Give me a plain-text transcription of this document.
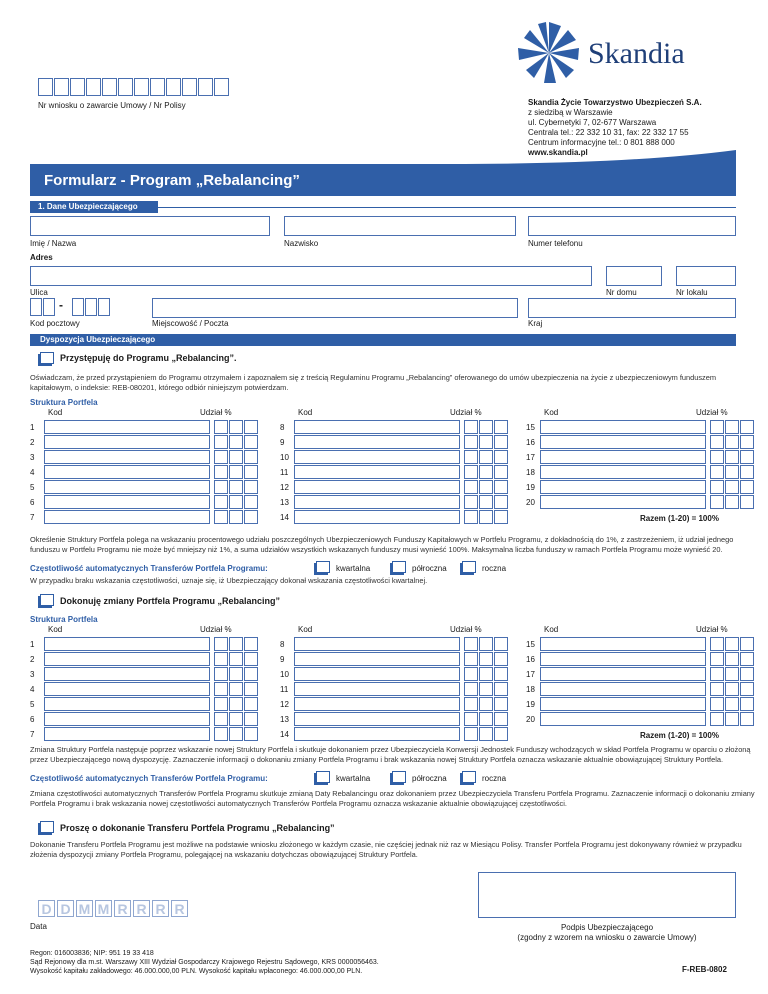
Skandia
Nr wniosku o zawarcie Umowy / Nr Polisy	Skandia Życie Towarzystwo Ubezpieczeń S.A.
z siedzibą w Warszawie
ul. Cybernetyki 7, 02-677 Warszawa
Centrala tel.: 22 332 10 31, fax: 22 332 17 55
Centrum informacyjne tel.: 0 801 888 000
www.skandia.pl
Formularz - Program „Rebalancing”
1. Dane Ubezpieczającego
Imię / Nazwa	Nazwisko	Numer telefonu
Adres
Ulica	Nr domu	Nr lokalu
-
Kod pocztowy	Miejscowość / Poczta	Kraj
Dyspozycja Ubezpieczającego
Przystępuję do Programu „Rebalancing”.
Oświadczam, że przed przystąpieniem do Programu otrzymałem i zapoznałem się z treścią Regulaminu Programu „Rebalancing” oferowanego do umów ubezpieczenia na życie z ubezpieczeniowym funduszem
kapitałowym, o indeksie: REB-080201, którego odbiór niniejszym potwierdzam.
Struktura Portfela
Kod	Udział %
1
2
3
4
5
6
7
Kod	Udział %
8
9
10
11
12
13
14
Kod	Udział %
15
16
17
18
19
20
Razem (1-20) = 100%
Określenie Struktury Portfela polega na wskazaniu procentowego udziału poszczególnych Ubezpieczeniowych Funduszy Kapitałowych w Portfelu Programu, z dokładnością do 1%, z zastrzeżeniem, iż udział jednego
funduszu w Portfelu Programu nie może być mniejszy niż 1%, a suma udziałów wszystkich wskazanych funduszy musi wynieść 100%. Maksymalna liczba funduszy w ramach Portfela Programu może wynieść 20.
Częstotliwość automatycznych Transferów Portfela Programu:	kwartalna	półroczna	roczna
W przypadku braku wskazania częstotliwości, uznaje się, iż Ubezpieczający dokonał wskazania częstotliwości kwartalnej.
Dokonuję zmiany Portfela Programu „Rebalancing”
Struktura Portfela
Kod	Udział %
1
2
3
4
5
6
7
Kod	Udział %
8
9
10
11
12
13
14
Kod	Udział %
15
16
17
18
19
20
Razem (1-20) = 100%
Zmiana Struktury Portfela następuje poprzez wskazanie nowej Struktury Portfela i skutkuje dokonaniem przez Ubezpieczyciela Konwersji Jednostek Funduszy wchodzących w skład Portfela Programu w oparciu o złożoną
przez Ubezpieczającego nową dyspozycję. Zaznaczenie informacji o dokonaniu zmiany Portfela Programu i brak wskazania nowej Struktury Portfela oznacza wskazanie aktualnie obowiązującej Struktury Portfela.
Częstotliwość automatycznych Transferów Portfela Programu:	kwartalna	półroczna	roczna
Zmiana częstotliwości automatycznych Transferów Portfela Programu skutkuje zmianą Daty Rebalancingu oraz dokonaniem przez Ubezpieczyciela Transferu Portfela Programu. Zaznaczenie informacji o dokonaniu zmiany
Portfela Programu i brak wskazania nowej częstotliwości automatycznych Transferów Portfela Programu oznacza wskazanie aktualnie obowiązującej częstotliwości.
Proszę o dokonanie Transferu Portfela Programu „Rebalancing”
Dokonanie Transferu Portfela Programu jest możliwe na podstawie wniosku złożonego w każdym czasie, nie częściej jednak niż raz w Miesiącu Polisy. Transfer Portfela Programu jest dokonywany również w przypadku
złożenia dyspozycji zmiany Portfela Programu, polegającej na wskazaniu dotychczas obowiązującej Struktury Portfela.
D D M M R R R R
Data	Podpis Ubezpieczającego
(zgodny z wzorem na wniosku o zawarcie Umowy)
Regon: 016003836; NIP: 951 19 33 418
Sąd Rejonowy dla m.st. Warszawy XIII Wydział Gospodarczy Krajowego Rejestru Sądowego, KRS 0000056463.
Wysokość kapitału zakładowego: 46.000.000,00 PLN. Wysokość kapitału wpłaconego: 46.000.000,00 PLN.	F-REB-0802
